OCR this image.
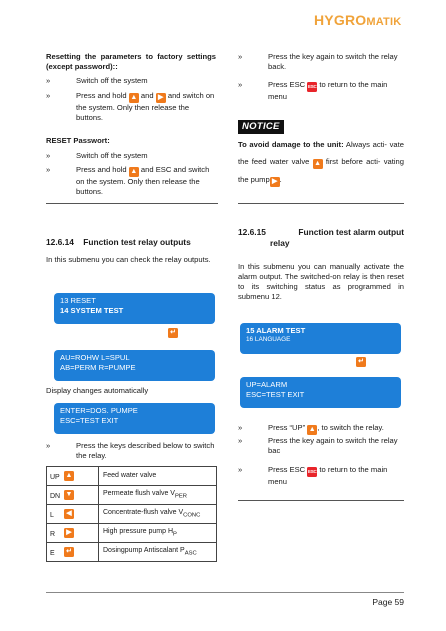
HYGROMATIK
Resetting the parameters to factory settings (except password)::
»	Switch off the system
»	Press and hold ▲ and ▶ and switch on the system. Only then release the buttons.
RESET Passwort:
»	Switch off the system
»	Press and hold ▲ and ESC and switch on the system. Only then release the buttons.
12.6.14 Function test relay outputs
In this submenu you can check the relay outputs.
13 RESET
14 SYSTEM TEST
↵
AU=ROHW L=SPUL
AB=PERM R=PUMPE
Display changes automatically
ENTER=DOS. PUMPE
ESC=TEST EXIT
»	Press the keys described below to switch the relay.
UP ▲	Feed water valve

DN ▼	Permeate flush valve $V_{PER}$

L ◀	Concentrate-flush valve $V_{CONC}$

R ▶	High pressure pump $H_P$

E ↵	Dosingpump Antiscalant $P_{ASC}$
»	Press the key again to switch the relay back.
»	Press ESC ESC to return to the main menu
NOTICE
To avoid damage to the unit: Always acti- vate the feed water valve ▲ first before acti- vating the pump ▶ .
12.6.15	Function test alarm output
relay
In this submenu you can manually activate the alarm output. The switched-on relay is then reset to its switching status as programmed in submenu 12.
15 ALARM TEST
16 LANGUAGE
↵
UP=ALARM
ESC=TEST EXIT
»	Press “UP” ▲ , to switch the relay.
»	Press the key again to switch the relay bac
»	Press ESC ESC to return to the main menu
Page 59
